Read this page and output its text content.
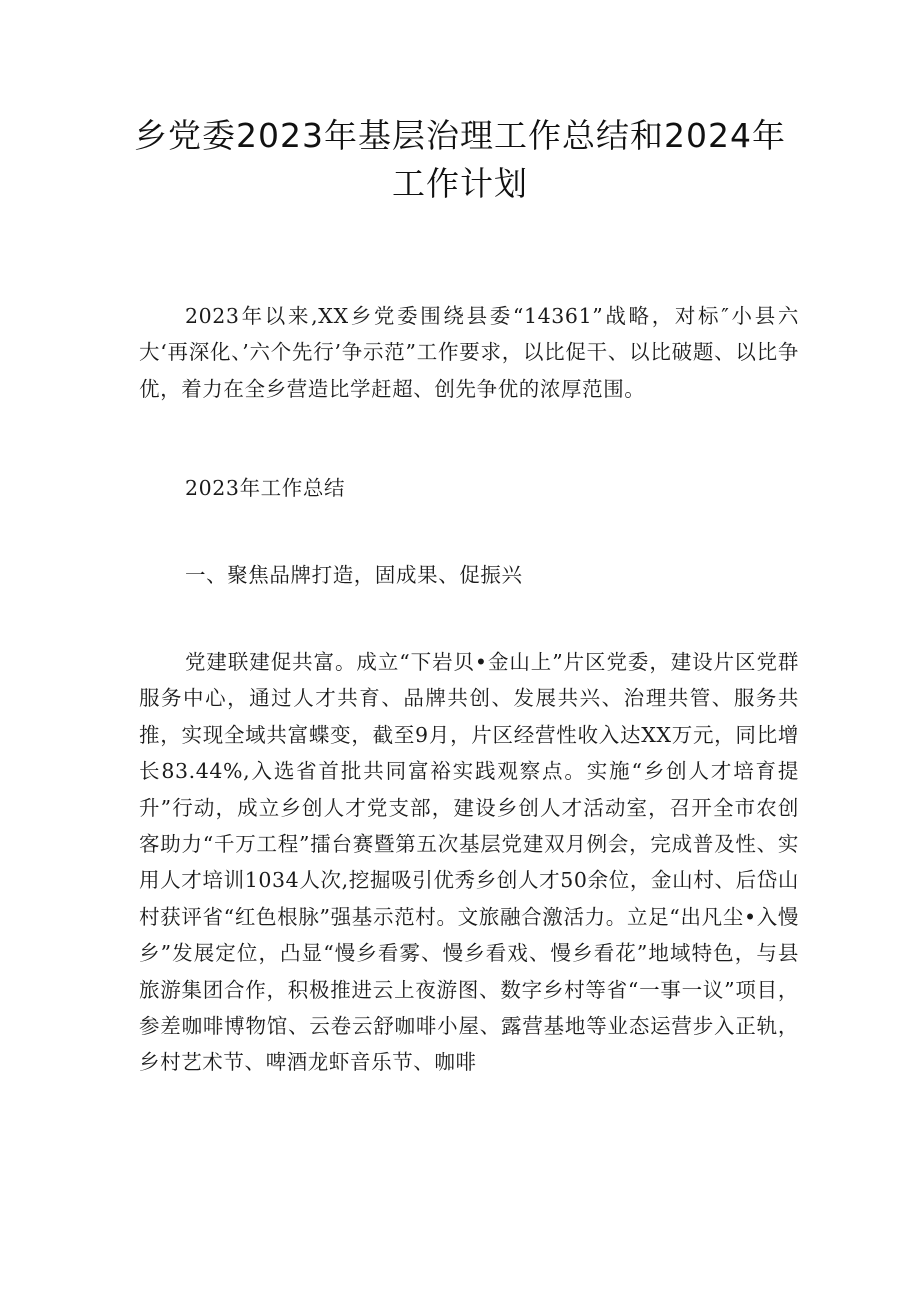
乡党委2023年基层治理工作总结和2024年
工作计划

2023年以来,XX乡党委围绕县委“14361”战略，对标″小县六大‘再深化、’六个先行’争示范”工作要求，以比促干、以比破题、以比争优，着力在全乡营造比学赶超、创先争优的浓厚范围。

2023年工作总结

一、聚焦品牌打造，固成果、促振兴

党建联建促共富。成立“下岩贝•金山上”片区党委，建设片区党群服务中心，通过人才共育、品牌共创、发展共兴、治理共管、服务共推，实现全域共富蝶变，截至9月，片区经营性收入达XX万元，同比增长83.44%,入选省首批共同富裕实践观察点。实施“乡创人才培育提升”行动，成立乡创人才党支部，建设乡创人才活动室，召开全市农创客助力“千万工程”擂台赛暨第五次基层党建双月例会，完成普及性、实用人才培训1034人次,挖掘吸引优秀乡创人才50余位，金山村、后岱山村获评省“红色根脉”强基示范村。文旅融合激活力。立足“出凡尘•入慢乡”发展定位，凸显“慢乡看雾、慢乡看戏、慢乡看花”地域特色，与县旅游集团合作，积极推进云上夜游图、数字乡村等省“一事一议”项目，参差咖啡博物馆、云卷云舒咖啡小屋、露营基地等业态运营步入正轨，乡村艺术节、啤酒龙虾音乐节、咖啡
